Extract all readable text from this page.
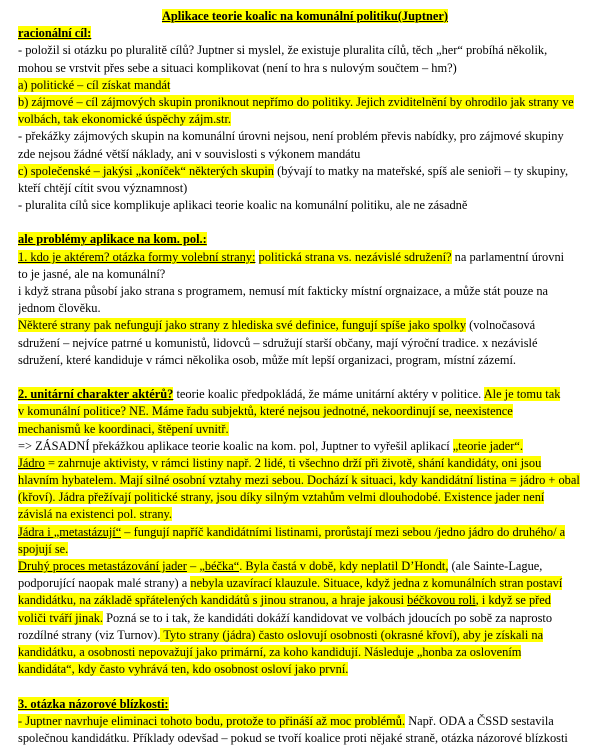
Aplikace teorie koalic na komunální politiku(Juptner)
racionální cíl:
- položil si otázku po pluralitě cílů? Juptner si myslel, že existuje pluralita cílů, těch „her“ probíhá několik,
mohou se vrstvit přes sebe a situaci komplikovat (není to hra s nulovým součtem – hm?)
a) politické – cíl získat mandát
b) zájmové – cíl zájmových skupin proniknout nepřímo do politiky. Jejich zviditelnění by ohrodilo jak strany ve
volbách, tak ekonomické úspěchy zájm.str.
- překážky zájmových skupin na komunální úrovni nejsou, není problém převis nabídky, pro zájmové skupiny
zde nejsou žádné větší náklady, ani v souvislosti s výkonem mandátu
c) společenské – jakýsi „koníček“ některých skupin (bývají to matky na mateřské, spíš ale senioři – ty skupiny,
kteří chtějí cítit svou významnost)
- pluralita cílů sice komplikuje aplikaci teorie koalic na komunální politiku, ale ne zásadně
ale problémy aplikace na kom. pol.:
1. kdo je aktérem? otázka formy volební strany: politická strana vs. nezávislé sdružení? na parlamentní úrovni
to je jasné, ale na komunální?
i když strana působí jako strana s programem, nemusí mít fakticky místní orgnaizace, a může stát pouze na
jednom člověku.
Některé strany pak nefungují jako strany z hlediska své definice, fungují spíše jako spolky (volnočasová
sdružení – nejvíce patrné u komunistů, lidovců – sdružují starší občany, mají výroční tradice. x nezávislé
sdružení, které kandiduje v rámci několika osob, může mít lepší organizaci, program, místní zázemí.
2. unitární charakter aktérů? teorie koalic předpokládá, že máme unitární aktéry v politice. Ale je tomu tak
v komunální politice? NE. Máme řadu subjektů, které nejsou jednotné, nekoordinují se, neexistence
mechanismů ke koordinaci, štěpení uvnitř.
=> ZÁSADNÍ překážkou aplikace teorie koalic na kom. pol, Juptner to vyřešil aplikací „teorie jader“.
Jádro = zahrnuje aktivisty, v rámci listiny např. 2 lidé, ti všechno drží při životě, shání kandidáty, oni jsou
hlavním hybatelem. Mají silné osobní vztahy mezi sebou. Dochází k situaci, kdy kandidátní listina = jádro + obal
(křoví). Jádra přežívají politické strany, jsou díky silným vztahům velmi dlouhodobé. Existence jader není
závislá na existenci pol. strany.
Jádra i „metastázují“ – fungují napříč kandidátními listinami, prorůstají mezi sebou /jedno jádro do druhého/ a
spojují se.
Druhý proces metastázování jader – „béčka“. Byla častá v době, kdy neplatil D’Hondt, (ale Sainte-Lague,
podporující naopak malé strany) a nebyla uzavírací klauzule. Situace, když jedna z komunálních stran postaví
kandidátku, na základě spřátelených kandidátů s jinou stranou, a hraje jakousi béčkovou roli, i když se před
voliči tváří jinak. Pozná se to i tak, že kandidáti dokáží kandidovat ve volbách jdoucích po sobě za naprosto
rozdílné strany (viz Turnov). Tyto strany (jádra) často oslovují osobnosti (okrasné křoví), aby je získali na
kandidátku, a osobnosti nepovažují jako primární, za koho kandidují. Následuje „honba za oslovením
kandidáta“, kdy často vyhrává ten, kdo osobnost osloví jako první.
3. otázka názorové blízkosti:
- Juptner navrhuje eliminaci tohoto bodu, protože to přináší až moc problémů. Např. ODA a ČSSD sestavila
společnou kandidátku. Příklady odevšad – pokud se tvoří koalice proti nějaké straně, otázka názorové blízkosti
